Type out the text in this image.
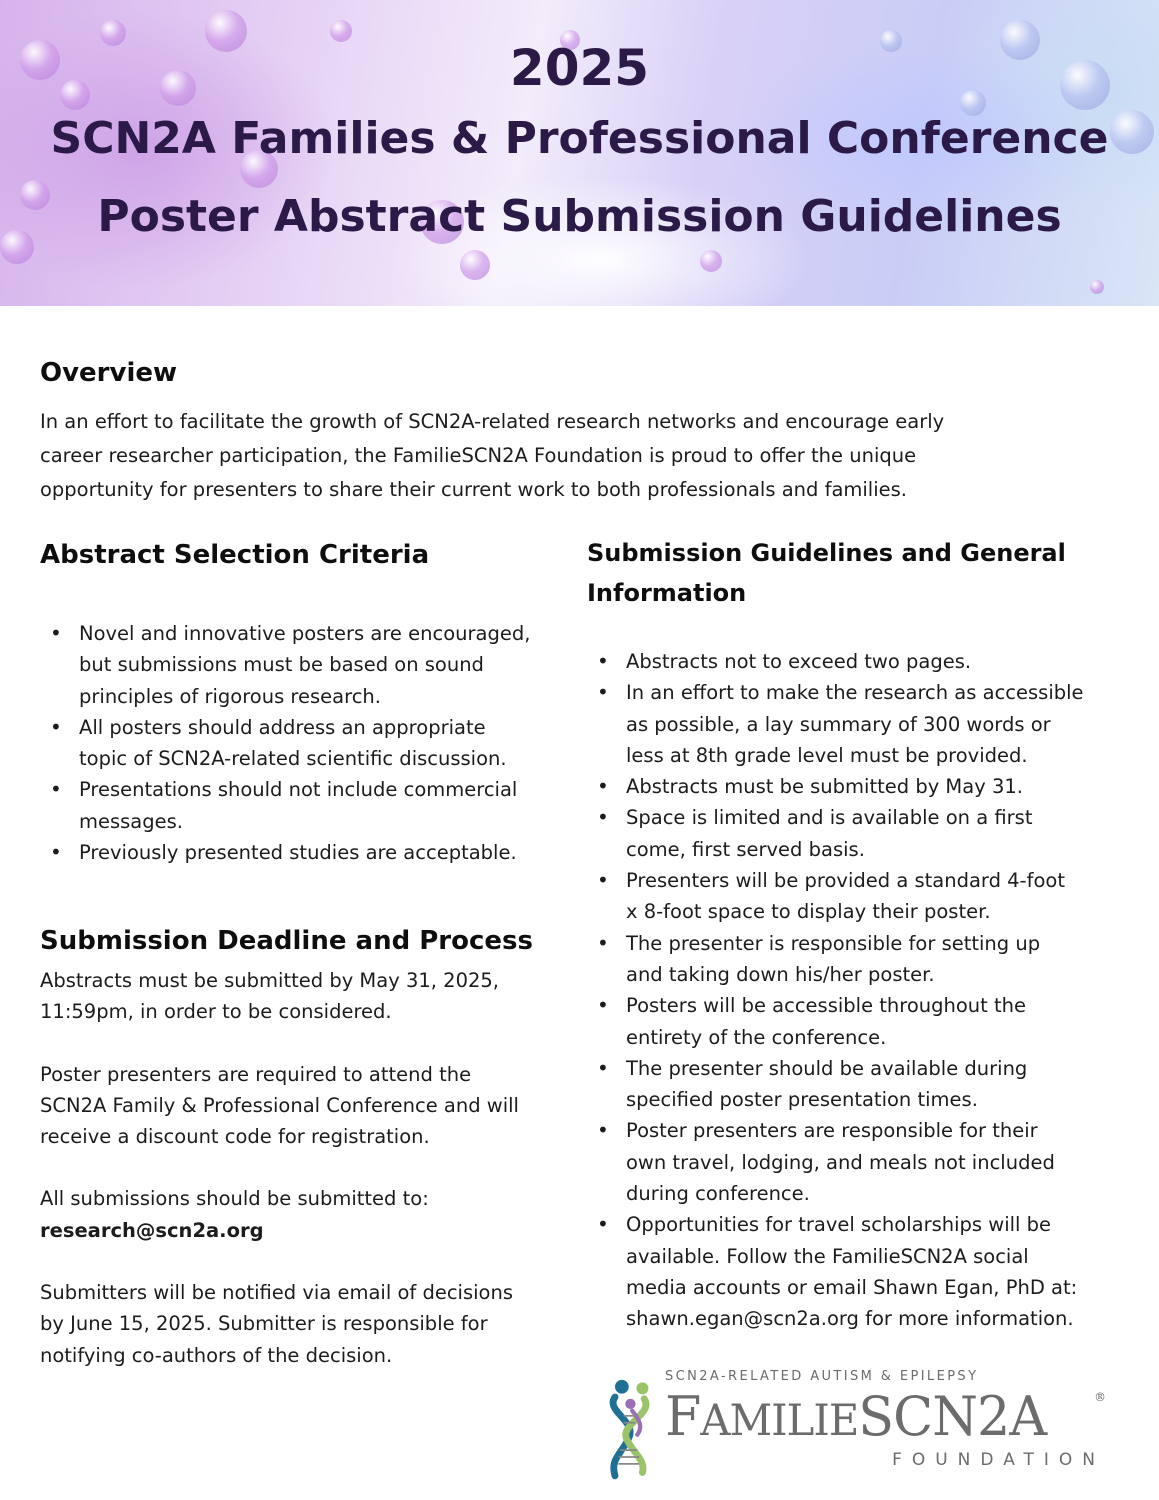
2025
SCN2A Families & Professional Conference
Poster Abstract Submission Guidelines
Overview
In an effort to facilitate the growth of SCN2A-related research networks and encourage early
career researcher participation, the FamilieSCN2A Foundation is proud to offer the unique
opportunity for presenters to share their current work to both professionals and families.
Abstract Selection Criteria
• Novel and innovative posters are encouraged,
but submissions must be based on sound
principles of rigorous research.
• All posters should address an appropriate
topic of SCN2A-related scientific discussion.
• Presentations should not include commercial
messages.
• Previously presented studies are acceptable.
Submission Deadline and Process
Abstracts must be submitted by May 31, 2025,
11:59pm, in order to be considered.
Poster presenters are required to attend the
SCN2A Family & Professional Conference and will
receive a discount code for registration.
All submissions should be submitted to:
research@scn2a.org
Submitters will be notified via email of decisions
by June 15, 2025. Submitter is responsible for
notifying co-authors of the decision.
Submission Guidelines and General
Information
• Abstracts not to exceed two pages.
• In an effort to make the research as accessible
as possible, a lay summary of 300 words or
less at 8th grade level must be provided.
• Abstracts must be submitted by May 31.
• Space is limited and is available on a first
come, first served basis.
• Presenters will be provided a standard 4-foot
x 8-foot space to display their poster.
• The presenter is responsible for setting up
and taking down his/her poster.
• Posters will be accessible throughout the
entirety of the conference.
• The presenter should be available during
specified poster presentation times.
• Poster presenters are responsible for their
own travel, lodging, and meals not included
during conference.
• Opportunities for travel scholarships will be
available. Follow the FamilieSCN2A social
media accounts or email Shawn Egan, PhD at:
shawn.egan@scn2a.org for more information.
SCN2A-RELATED AUTISM & EPILEPSY
FAMILIESCN2A	®
FOUNDATION
